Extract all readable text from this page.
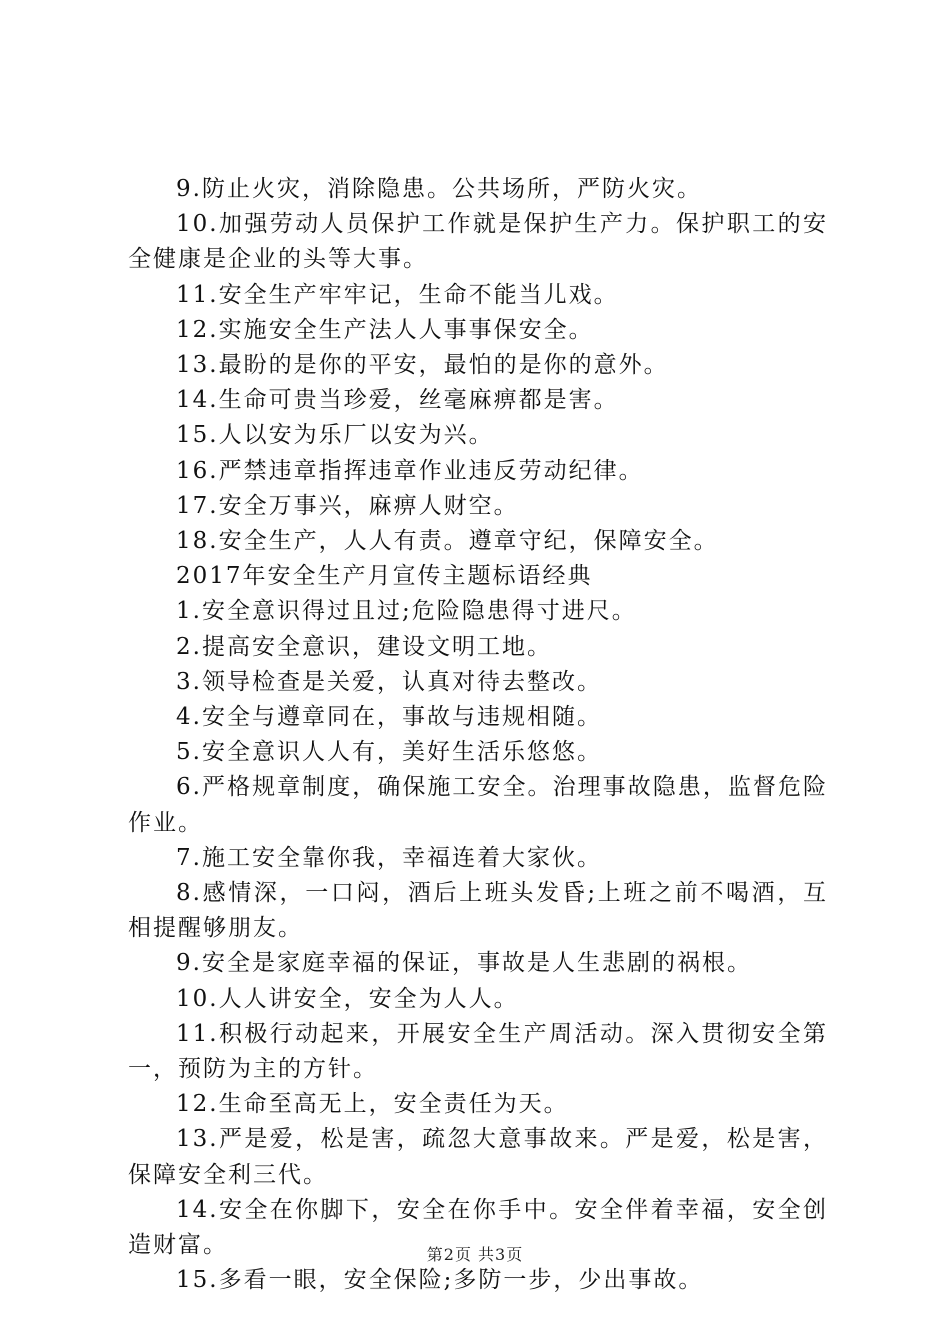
9.防止火灾，消除隐患。公共场所，严防火灾。

10.加强劳动人员保护工作就是保护生产力。保护职工的安全健康是企业的头等大事。

11.安全生产牢牢记，生命不能当儿戏。

12.实施安全生产法人人事事保安全。

13.最盼的是你的平安，最怕的是你的意外。

14.生命可贵当珍爱，丝毫麻痹都是害。

15.人以安为乐厂以安为兴。

16.严禁违章指挥违章作业违反劳动纪律。

17.安全万事兴，麻痹人财空。

18.安全生产，人人有责。遵章守纪，保障安全。

2017年安全生产月宣传主题标语经典

1.安全意识得过且过;危险隐患得寸进尺。

2.提高安全意识，建设文明工地。

3.领导检查是关爱，认真对待去整改。

4.安全与遵章同在，事故与违规相随。

5.安全意识人人有，美好生活乐悠悠。

6.严格规章制度，确保施工安全。治理事故隐患，监督危险作业。

7.施工安全靠你我，幸福连着大家伙。

8.感情深，一口闷，酒后上班头发昏;上班之前不喝酒，互相提醒够朋友。

9.安全是家庭幸福的保证，事故是人生悲剧的祸根。

10.人人讲安全，安全为人人。

11.积极行动起来，开展安全生产周活动。深入贯彻安全第一，预防为主的方针。

12.生命至高无上，安全责任为天。

13.严是爱，松是害，疏忽大意事故来。严是爱，松是害，保障安全利三代。

14.安全在你脚下，安全在你手中。安全伴着幸福，安全创造财富。

15.多看一眼，安全保险;多防一步，少出事故。

第2页 共3页
